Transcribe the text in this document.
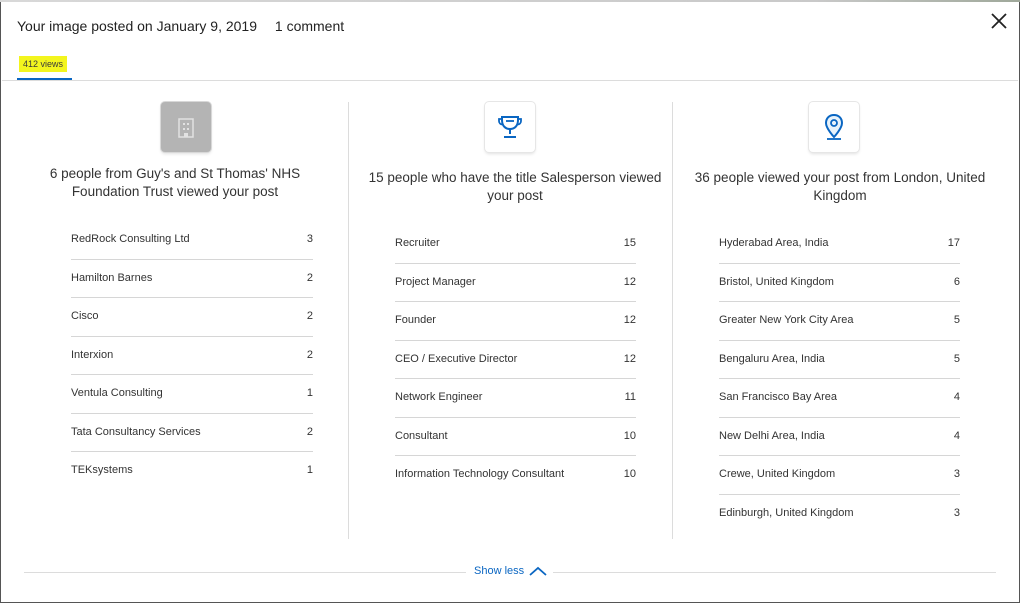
Your image posted on January 9, 2019 1 comment
412 views
6 people from Guy's and St Thomas' NHS Foundation Trust viewed your post
RedRock Consulting Ltd	3
Hamilton Barnes	2
Cisco	2
Interxion	2
Ventula Consulting	1
Tata Consultancy Services	2
TEKsystems	1
15 people who have the title Salesperson viewed your post
Recruiter	15
Project Manager	12
Founder	12
CEO / Executive Director	12
Network Engineer	11
Consultant	10
Information Technology Consultant	10
36 people viewed your post from London, United Kingdom
Hyderabad Area, India	17
Bristol, United Kingdom	6
Greater New York City Area	5
Bengaluru Area, India	5
San Francisco Bay Area	4
New Delhi Area, India	4
Crewe, United Kingdom	3
Edinburgh, United Kingdom	3
Show less
